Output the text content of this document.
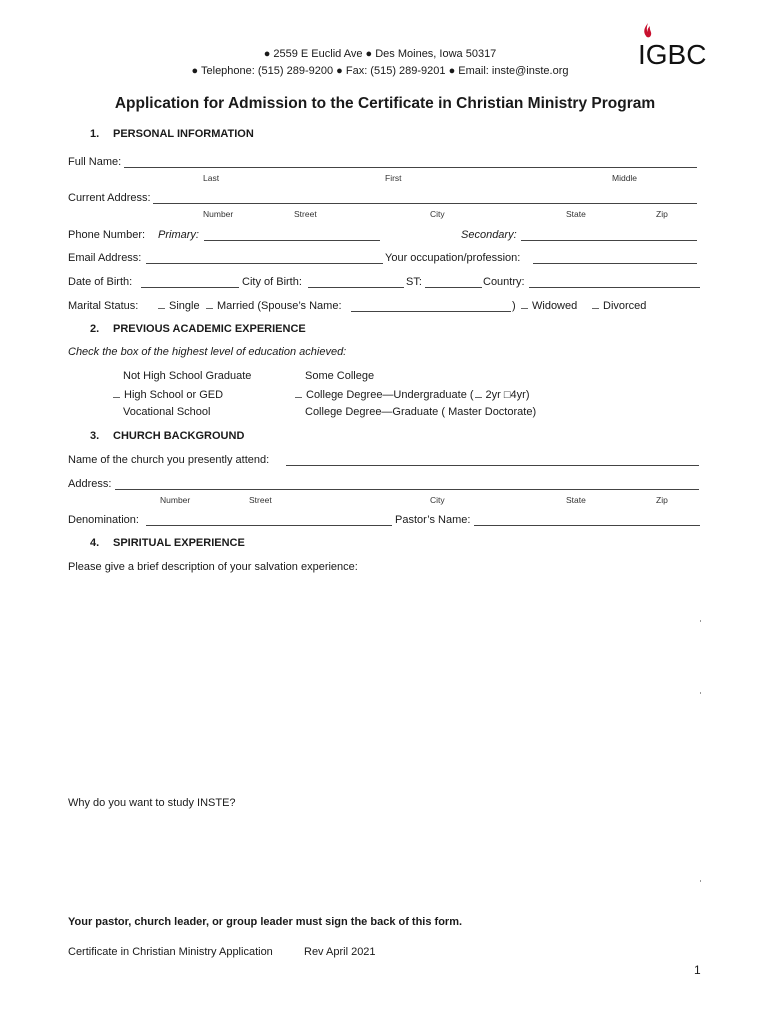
● 2559 E Euclid Ave ● Des Moines, Iowa 50317
● Telephone: (515) 289-9200 ● Fax: (515) 289-9201 ● Email: inste@inste.org
IGBC
Application for Admission to the Certificate in Christian Ministry Program
1. PERSONAL INFORMATION
Full Name:
Last	First	Middle
Current Address:
Number	Street	City	State	Zip
Phone Number: Primary:	Secondary:
Email Address:	Your occupation/profession:
Date of Birth:	City of Birth:	ST:	Country:
Marital Status:	Single	Married (Spouse’s Name:	)	Widowed	Divorced
2. PREVIOUS ACADEMIC EXPERIENCE
Check the box of the highest level of education achieved:
Not High School Graduate
High School or GED
Vocational School
Some College
College Degree—Undergraduate ( 2yr □4yr)
College Degree—Graduate ( Master Doctorate)
3. CHURCH BACKGROUND
Name of the church you presently attend:
Address:
Number	Street	City	State	Zip
Denomination:	Pastor’s Name:
4. SPIRITUAL EXPERIENCE
Please give a brief description of your salvation experience:
Why do you want to study INSTE?
Your pastor, church leader, or group leader must sign the back of this form.
Certificate in Christian Ministry Application	Rev April 2021
1
